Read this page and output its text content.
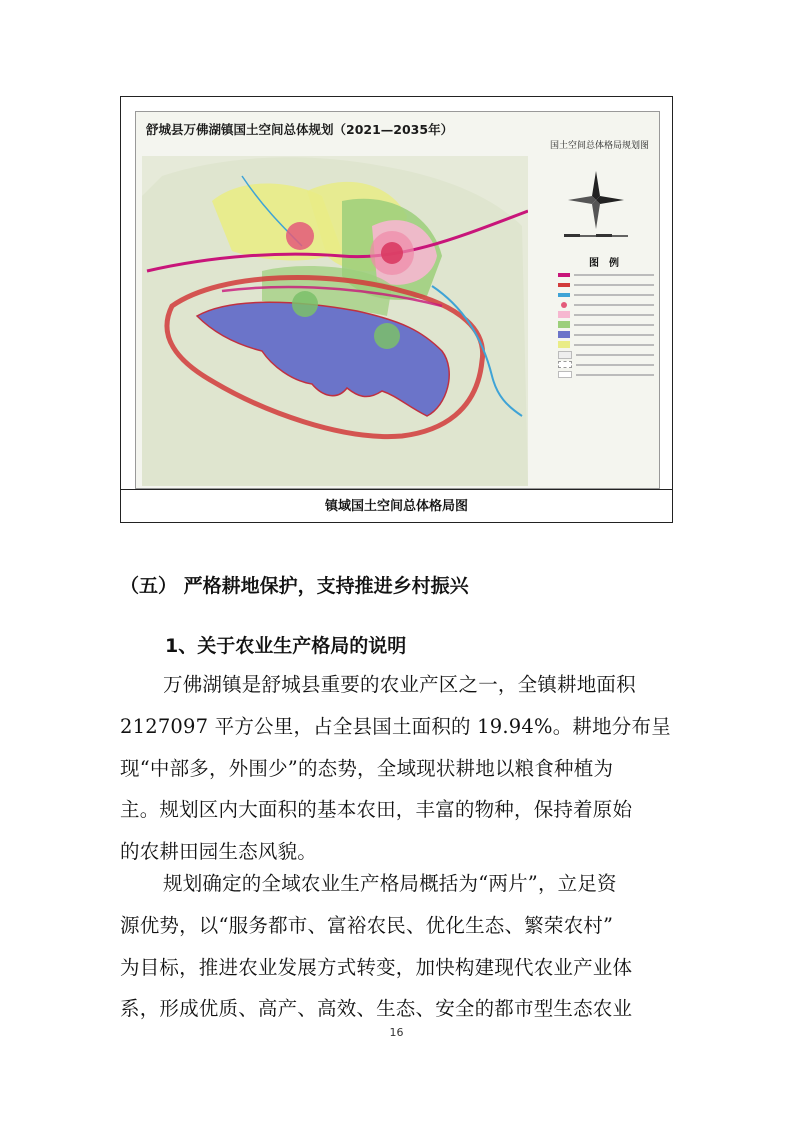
舒城县万佛湖镇国土空间总体规划（2021—2035年）
国土空间总体格局规划图
图　例
镇域国土空间总体格局图
（五） 严格耕地保护，支持推进乡村振兴
1、关于农业生产格局的说明
万佛湖镇是舒城县重要的农业产区之一，全镇耕地面积
2127097 平方公里，占全县国土面积的 19.94%。耕地分布呈
现“中部多，外围少”的态势，全域现状耕地以粮食种植为
主。规划区内大面积的基本农田，丰富的物种，保持着原始
的农耕田园生态风貌。
规划确定的全域农业生产格局概括为“两片”，立足资
源优势，以“服务都市、富裕农民、优化生态、繁荣农村”
为目标，推进农业发展方式转变，加快构建现代农业产业体
系，形成优质、高产、高效、生态、安全的都市型生态农业
16
